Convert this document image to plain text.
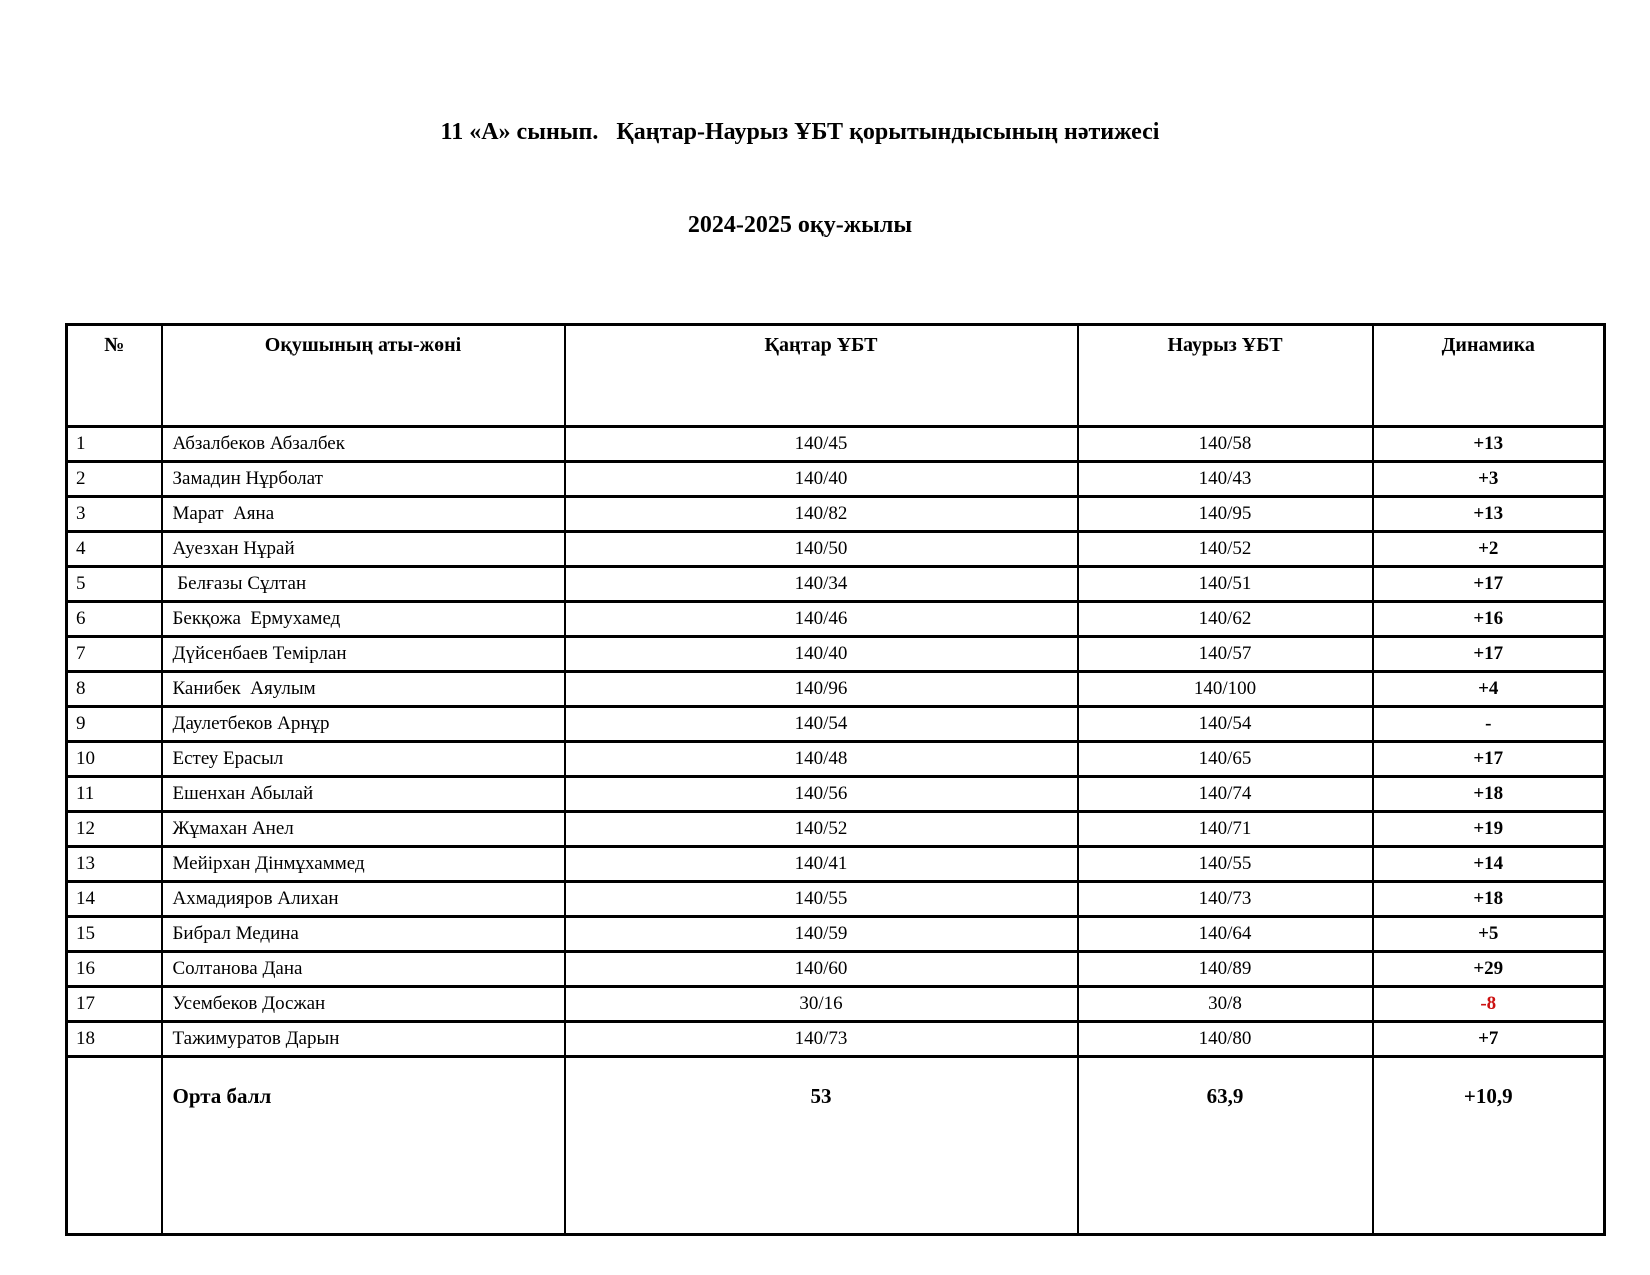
11 «А» сынып.   Қаңтар-Наурыз ҰБТ қорытындысының нәтижесі

2024-2025 оқу-жылы

№	Оқушының аты-жөні	Қаңтар ҰБТ	Наурыз ҰБТ	Динамика
1	Абзалбеков Абзалбек	140/45	140/58	+13
2	Замадин Нұрболат	140/40	140/43	+3
3	Марат  Аяна	140/82	140/95	+13
4	Ауезхан Нұрай	140/50	140/52	+2
5	Белғазы Сұлтан	140/34	140/51	+17
6	Бекқожа  Ермухамед	140/46	140/62	+16
7	Дүйсенбаев Темірлан	140/40	140/57	+17
8	Канибек  Аяулым	140/96	140/100	+4
9	Даулетбеков Арнұр	140/54	140/54	-
10	Естеу Ерасыл	140/48	140/65	+17
11	Ешенхан Абылай	140/56	140/74	+18
12	Жұмахан Анел	140/52	140/71	+19
13	Мейірхан Дінмұхаммед	140/41	140/55	+14
14	Ахмадияров Алихан	140/55	140/73	+18
15	Бибрал Медина	140/59	140/64	+5
16	Солтанова Дана	140/60	140/89	+29
17	Усембеков Досжан	30/16	30/8	-8
18	Тажимуратов Дарын	140/73	140/80	+7
	Орта балл	53	63,9	+10,9
